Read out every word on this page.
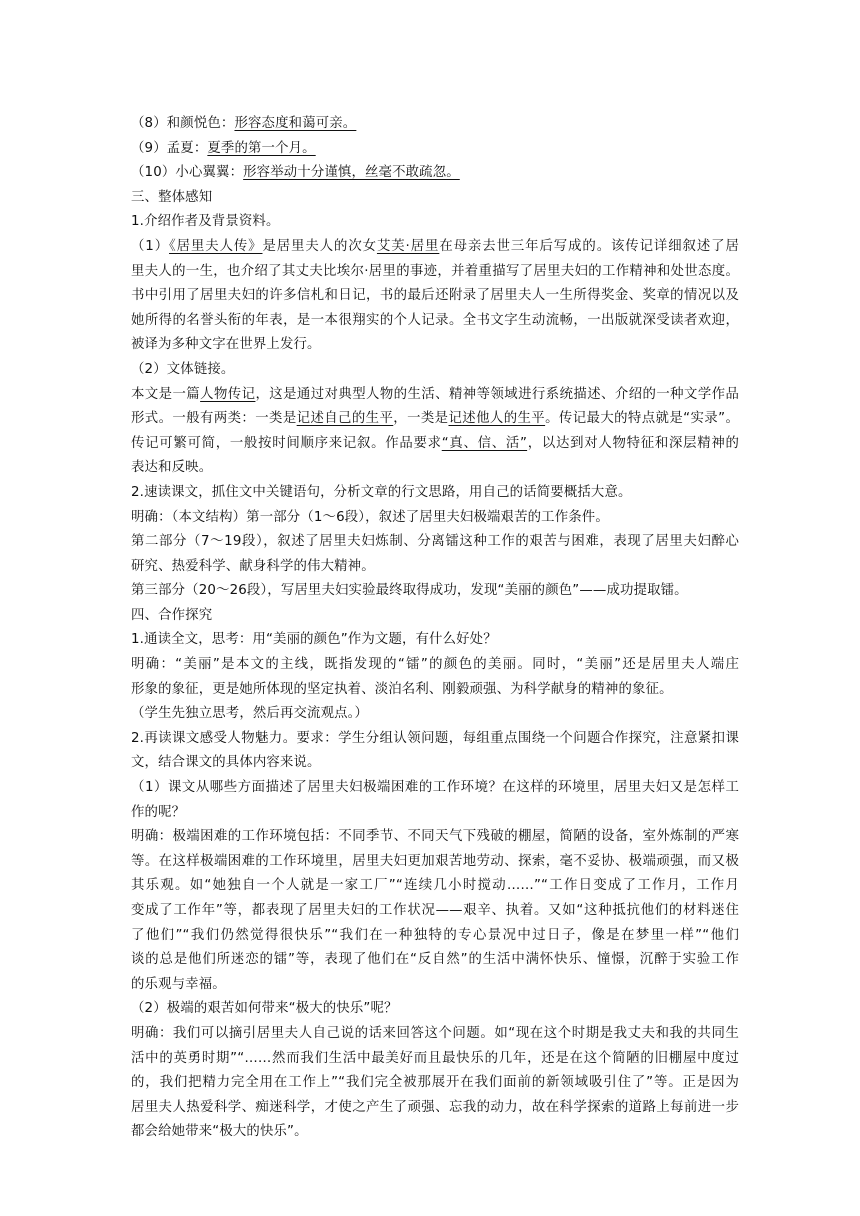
（8）和颜悦色：形容态度和蔼可亲。
（9）孟夏：夏季的第一个月。
（10）小心翼翼：形容举动十分谨慎，丝毫不敢疏忽。
三、整体感知
1.介绍作者及背景资料。
（1）《居里夫人传》是居里夫人的次女艾芙·居里在母亲去世三年后写成的。该传记详细叙述了居
里夫人的一生，也介绍了其丈夫比埃尔·居里的事迹，并着重描写了居里夫妇的工作精神和处世态度。
书中引用了居里夫妇的许多信札和日记，书的最后还附录了居里夫人一生所得奖金、奖章的情况以及
她所得的名誉头衔的年表，是一本很翔实的个人记录。全书文字生动流畅，一出版就深受读者欢迎，
被译为多种文字在世界上发行。
（2）文体链接。
本文是一篇人物传记，这是通过对典型人物的生活、精神等领域进行系统描述、介绍的一种文学作品
形式。一般有两类：一类是记述自己的生平，一类是记述他人的生平。传记最大的特点就是“实录”。
传记可繁可简，一般按时间顺序来记叙。作品要求“真、信、活”，以达到对人物特征和深层精神的
表达和反映。
2.速读课文，抓住文中关键语句，分析文章的行文思路，用自己的话简要概括大意。
明确：（本文结构）第一部分（1～6段），叙述了居里夫妇极端艰苦的工作条件。
第二部分（7～19段），叙述了居里夫妇炼制、分离镭这种工作的艰苦与困难，表现了居里夫妇醉心
研究、热爱科学、献身科学的伟大精神。
第三部分（20～26段），写居里夫妇实验最终取得成功，发现“美丽的颜色”——成功提取镭。
四、合作探究
1.通读全文，思考：用“美丽的颜色”作为文题，有什么好处？
明确：“美丽”是本文的主线，既指发现的“镭”的颜色的美丽。同时，“美丽”还是居里夫人端庄
形象的象征，更是她所体现的坚定执着、淡泊名利、刚毅顽强、为科学献身的精神的象征。
（学生先独立思考，然后再交流观点。）
2.再读课文感受人物魅力。要求：学生分组认领问题，每组重点围绕一个问题合作探究，注意紧扣课
文，结合课文的具体内容来说。
（1）课文从哪些方面描述了居里夫妇极端困难的工作环境？在这样的环境里，居里夫妇又是怎样工
作的呢？
明确：极端困难的工作环境包括：不同季节、不同天气下残破的棚屋，简陋的设备，室外炼制的严寒
等。在这样极端困难的工作环境里，居里夫妇更加艰苦地劳动、探索，毫不妥协、极端顽强，而又极
其乐观。如“她独自一个人就是一家工厂”“连续几小时搅动……”“工作日变成了工作月，工作月
变成了工作年”等，都表现了居里夫妇的工作状况——艰辛、执着。又如“这种抵抗他们的材料迷住
了他们”“我们仍然觉得很快乐”“我们在一种独特的专心景况中过日子，像是在梦里一样”“他们
谈的总是他们所迷恋的镭”等，表现了他们在“反自然”的生活中满怀快乐、憧憬，沉醉于实验工作
的乐观与幸福。
（2）极端的艰苦如何带来“极大的快乐”呢？
明确：我们可以摘引居里夫人自己说的话来回答这个问题。如“现在这个时期是我丈夫和我的共同生
活中的英勇时期”“……然而我们生活中最美好而且最快乐的几年，还是在这个简陋的旧棚屋中度过
的，我们把精力完全用在工作上”“我们完全被那展开在我们面前的新领域吸引住了”等。正是因为
居里夫人热爱科学、痴迷科学，才使之产生了顽强、忘我的动力，故在科学探索的道路上每前进一步
都会给她带来“极大的快乐”。
